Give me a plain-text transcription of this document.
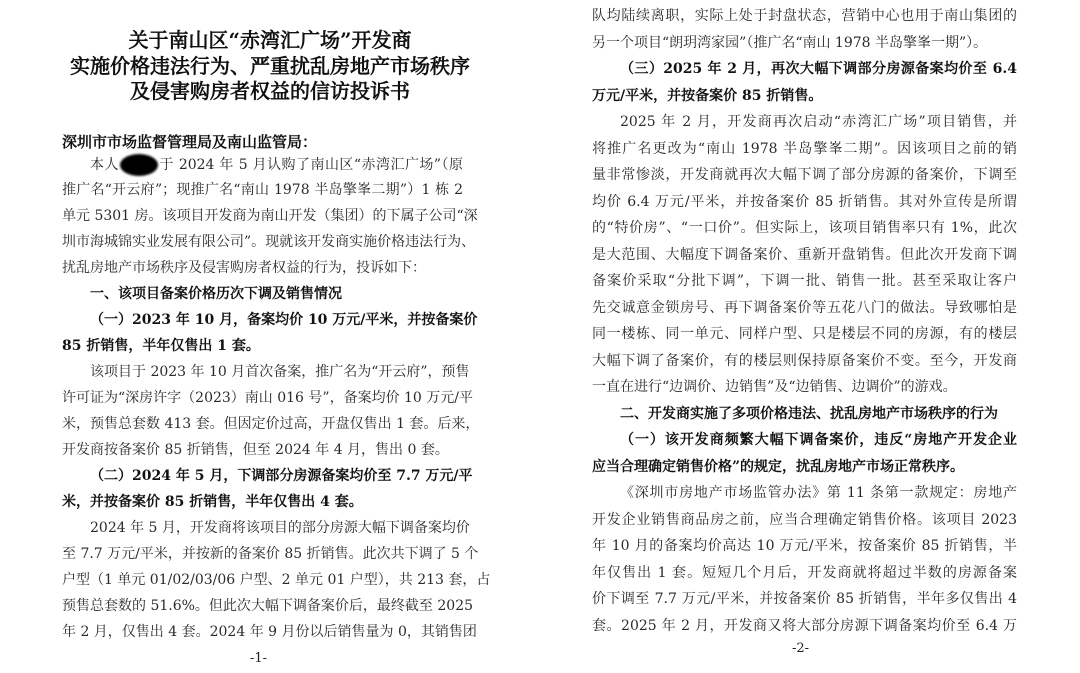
关于南山区“赤湾汇广场”开发商
实施价格违法行为、严重扰乱房地产市场秩序
及侵害购房者权益的信访投诉书
深圳市市场监督管理局及南山监管局：
本人	于 2024 年 5 月认购了南山区“赤湾汇广场”（原
推广名“开云府”；现推广名“南山 1978 半岛擎峯二期”）1 栋 2
单元 5301 房。该项目开发商为南山开发（集团）的下属子公司“深
圳市海城锦实业发展有限公司”。现就该开发商实施价格违法行为、
扰乱房地产市场秩序及侵害购房者权益的行为，投诉如下：
一、该项目备案价格历次下调及销售情况
（一）2023 年 10 月，备案均价 10 万元/平米，并按备案价
85 折销售，半年仅售出 1 套。
该项目于 2023 年 10 月首次备案，推广名为“开云府”，预售
许可证为“深房许字（2023）南山 016 号”，备案均价 10 万元/平
米，预售总套数 413 套。但因定价过高，开盘仅售出 1 套。后来，
开发商按备案价 85 折销售，但至 2024 年 4 月，售出 0 套。
（二）2024 年 5 月，下调部分房源备案均价至 7.7 万元/平
米，并按备案价 85 折销售，半年仅售出 4 套。
2024 年 5 月，开发商将该项目的部分房源大幅下调备案均价
至 7.7 万元/平米，并按新的备案价 85 折销售。此次共下调了 5 个
户型（1 单元 01/02/03/06 户型、2 单元 01 户型），共 213 套，占
预售总套数的 51.6%。但此次大幅下调备案价后，最终截至 2025
年 2 月，仅售出 4 套。2024 年 9 月份以后销售量为 0，其销售团
-1-
队均陆续离职，实际上处于封盘状态，营销中心也用于南山集团的
另一个项目“朗玥湾家园”（推广名“南山 1978 半岛擎峯一期”）。
（三）2025 年 2 月，再次大幅下调部分房源备案均价至 6.4
万元/平米，并按备案价 85 折销售。
2025 年 2 月，开发商再次启动“赤湾汇广场”项目销售，并
将推广名更改为“南山 1978 半岛擎峯二期”。因该项目之前的销
量非常惨淡，开发商就再次大幅下调了部分房源的备案价，下调至
均价 6.4 万元/平米，并按备案价 85 折销售。其对外宣传是所谓
的“特价房”、“一口价”。但实际上，该项目销售率只有 1%，此次
是大范围、大幅度下调备案价、重新开盘销售。但此次开发商下调
备案价采取“分批下调”，下调一批、销售一批。甚至采取让客户
先交诚意金锁房号、再下调备案价等五花八门的做法。导致哪怕是
同一楼栋、同一单元、同样户型、只是楼层不同的房源，有的楼层
大幅下调了备案价，有的楼层则保持原备案价不变。至今，开发商
一直在进行“边调价、边销售”及“边销售、边调价”的游戏。
二、开发商实施了多项价格违法、扰乱房地产市场秩序的行为
（一）该开发商频繁大幅下调备案价，违反“房地产开发企业
应当合理确定销售价格”的规定，扰乱房地产市场正常秩序。
《深圳市房地产市场监管办法》第 11 条第一款规定：房地产
开发企业销售商品房之前，应当合理确定销售价格。该项目 2023
年 10 月的备案均价高达 10 万元/平米，按备案价 85 折销售，半
年仅售出 1 套。短短几个月后，开发商就将超过半数的房源备案
价下调至 7.7 万元/平米，并按备案价 85 折销售，半年多仅售出 4
套。2025 年 2 月，开发商又将大部分房源下调备案均价至 6.4 万
-2-
